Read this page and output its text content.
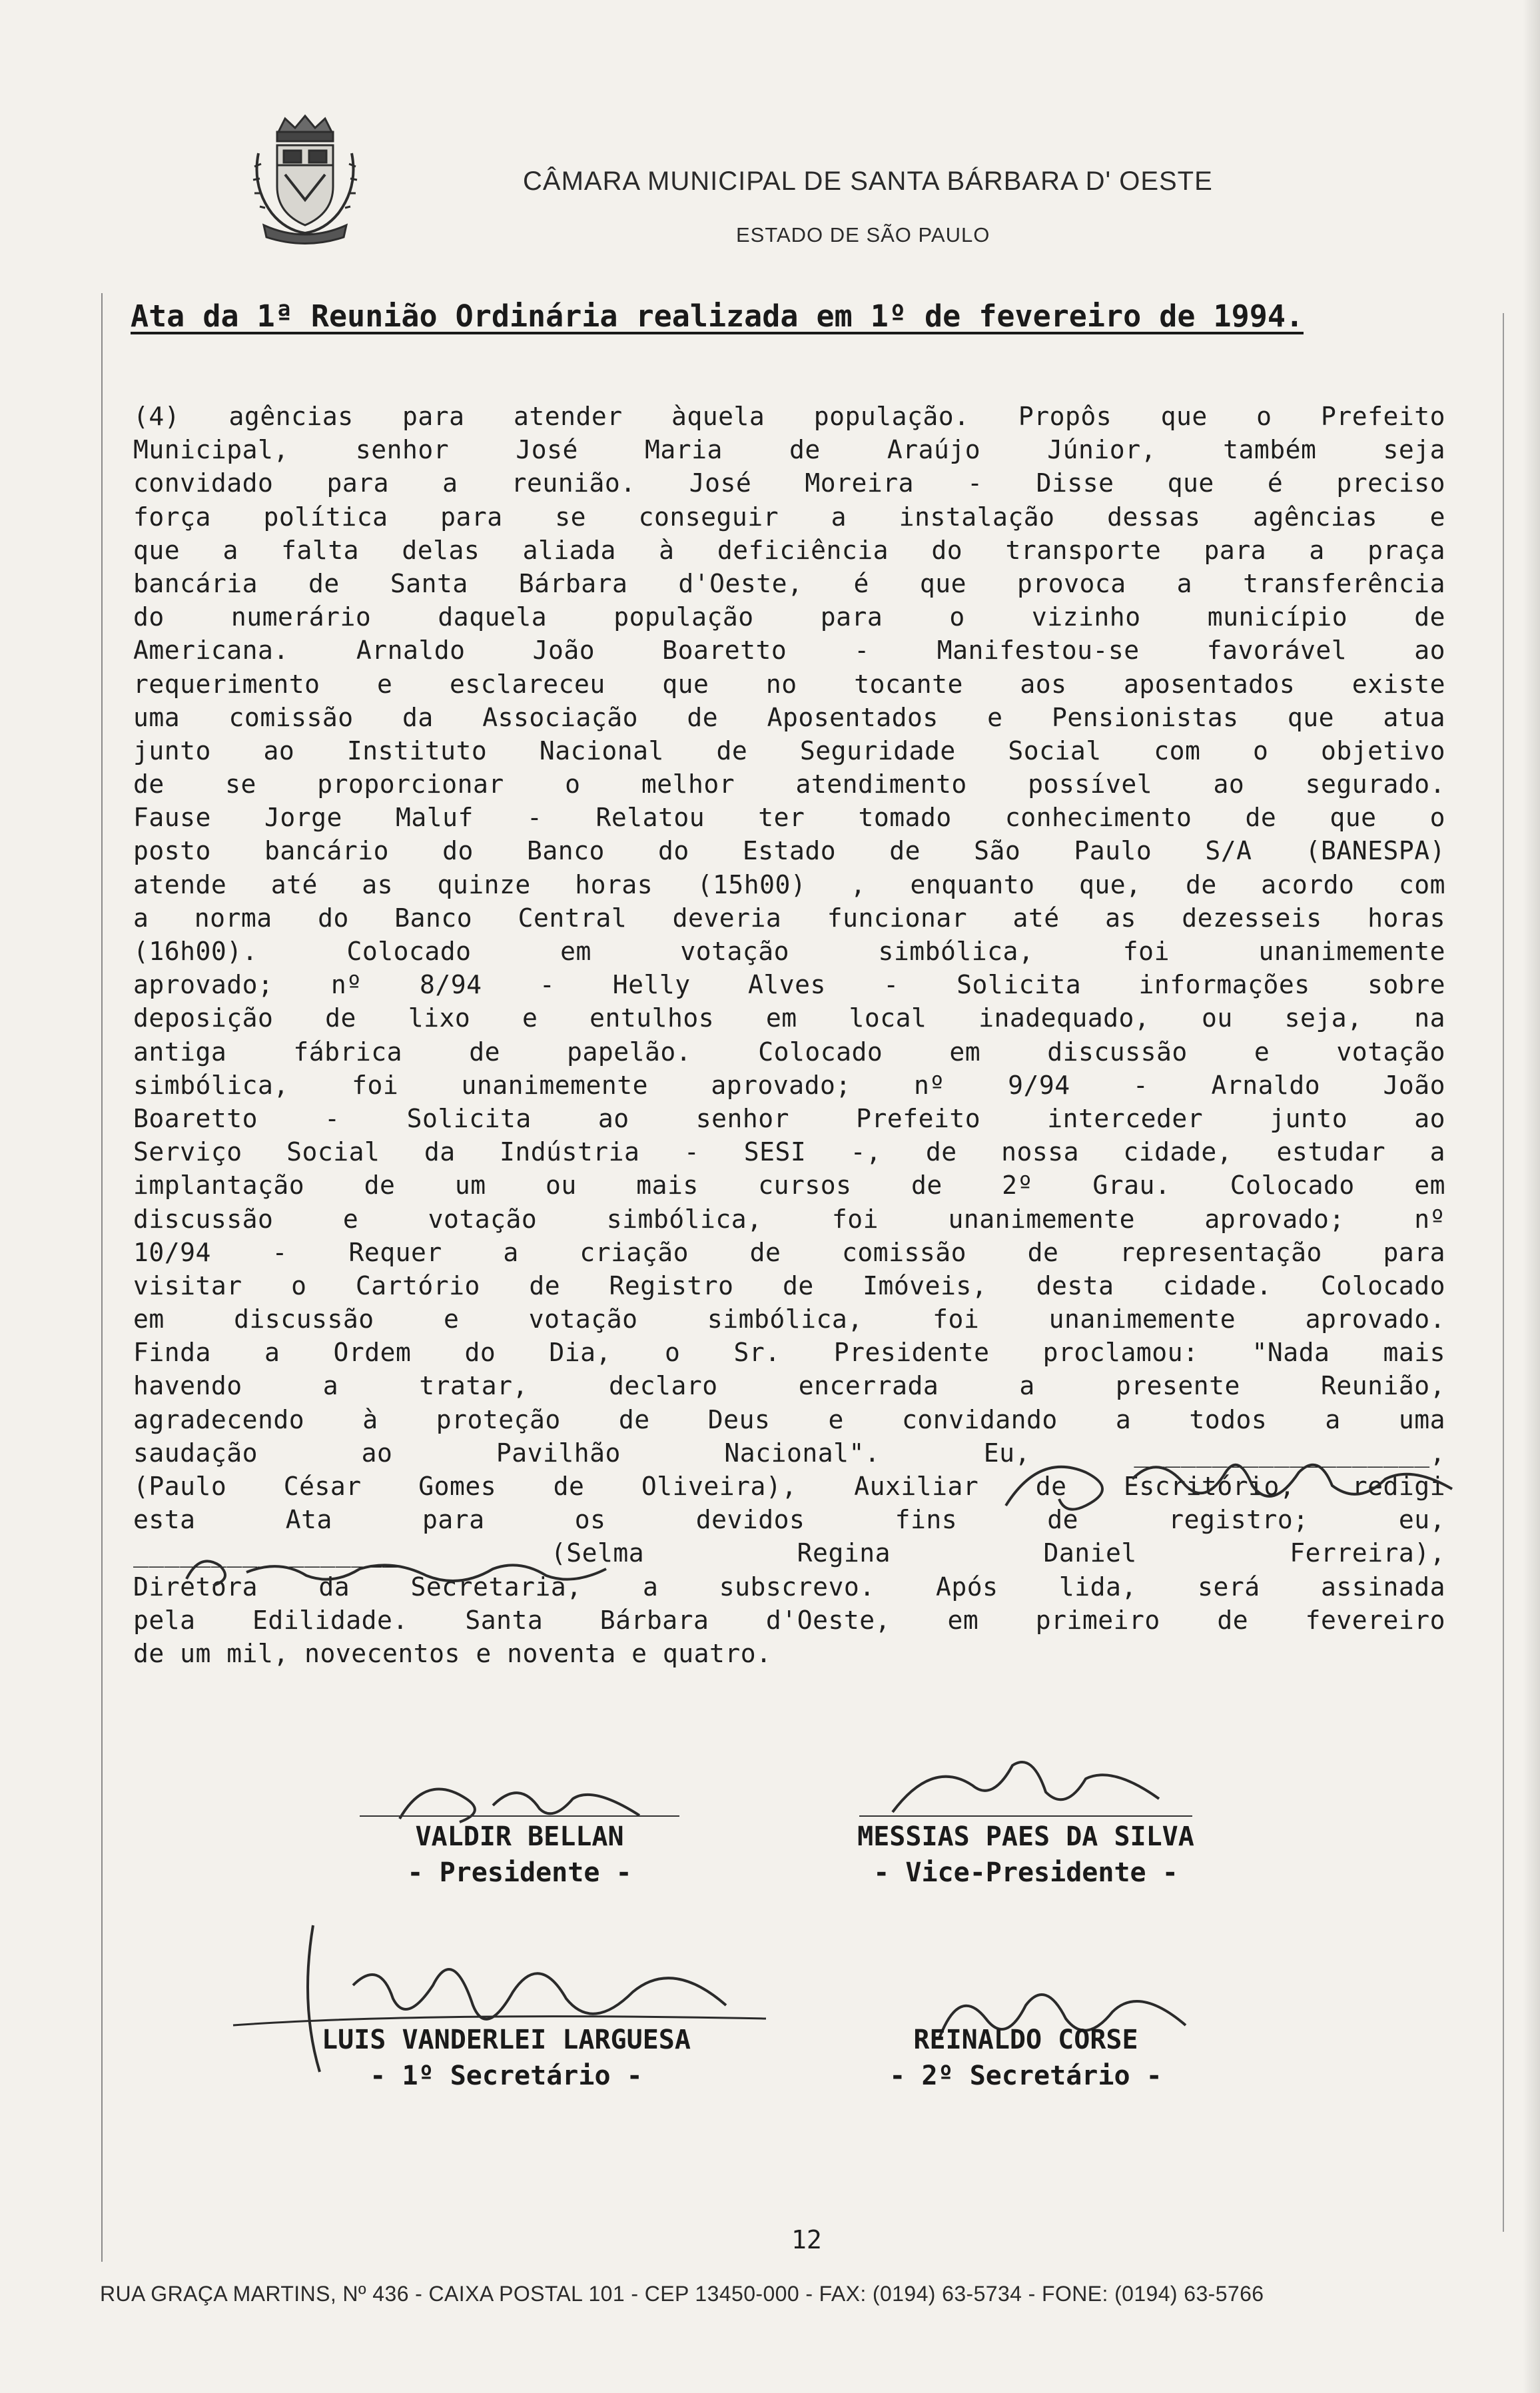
CÂMARA MUNICIPAL DE SANTA BÁRBARA D' OESTE
ESTADO DE SÃO PAULO
Ata da 1ª Reunião Ordinária realizada em 1º de fevereiro de 1994.
(4) agências para atender àquela população. Propôs que o Prefeito
Municipal, senhor José Maria de Araújo Júnior, também seja
convidado para a reunião. José Moreira - Disse que é preciso
força política para se conseguir a instalação dessas agências e
que a falta delas aliada à deficiência do transporte para a praça
bancária de Santa Bárbara d'Oeste, é que provoca a transferência
do numerário daquela população para o vizinho município de
Americana. Arnaldo João Boaretto - Manifestou-se favorável ao
requerimento e esclareceu que no tocante aos aposentados existe
uma comissão da Associação de Aposentados e Pensionistas que atua
junto ao Instituto Nacional de Seguridade Social com o objetivo
de se proporcionar o melhor atendimento possível ao segurado.
Fause Jorge Maluf - Relatou ter tomado conhecimento de que o
posto bancário do Banco do Estado de São Paulo S/A (BANESPA)
atende até as quinze horas (15h00) , enquanto que, de acordo com
a norma do Banco Central deveria funcionar até as dezesseis horas
(16h00). Colocado em votação simbólica, foi unanimemente
aprovado; nº 8/94 - Helly Alves - Solicita informações sobre
deposição de lixo e entulhos em local inadequado, ou seja, na
antiga fábrica de papelão. Colocado em discussão e votação
simbólica, foi unanimemente aprovado; nº 9/94 - Arnaldo João
Boaretto - Solicita ao senhor Prefeito interceder junto ao
Serviço Social da Indústria - SESI -, de nossa cidade, estudar a
implantação de um ou mais cursos de 2º Grau. Colocado em
discussão e votação simbólica, foi unanimemente aprovado; nº
10/94 - Requer a criação de comissão de representação para
visitar o Cartório de Registro de Imóveis, desta cidade. Colocado
em discussão e votação simbólica, foi unanimemente aprovado.
Finda a Ordem do Dia, o Sr. Presidente proclamou: "Nada mais
havendo a tratar, declaro encerrada a presente Reunião,
agradecendo à proteção de Deus e convidando a todos a uma
saudação ao Pavilhão Nacional". Eu, ___________________,
(Paulo César Gomes de Oliveira), Auxiliar de Escritório, redigi
esta Ata para os devidos fins de registro; eu,
_________________ (Selma Regina Daniel Ferreira),
Diretora da Secretaria, a subscrevo. Após lida, será assinada
pela Edilidade. Santa Bárbara d'Oeste, em primeiro de fevereiro
de um mil, novecentos e noventa e quatro.
VALDIR BELLAN
- Presidente -
MESSIAS PAES DA SILVA
- Vice-Presidente -
LUIS VANDERLEI LARGUESA
- 1º Secretário -
REINALDO CORSE
- 2º Secretário -
12
RUA GRAÇA MARTINS, Nº 436 - CAIXA POSTAL 101 - CEP 13450-000 - FAX: (0194) 63-5734 - FONE: (0194) 63-5766
